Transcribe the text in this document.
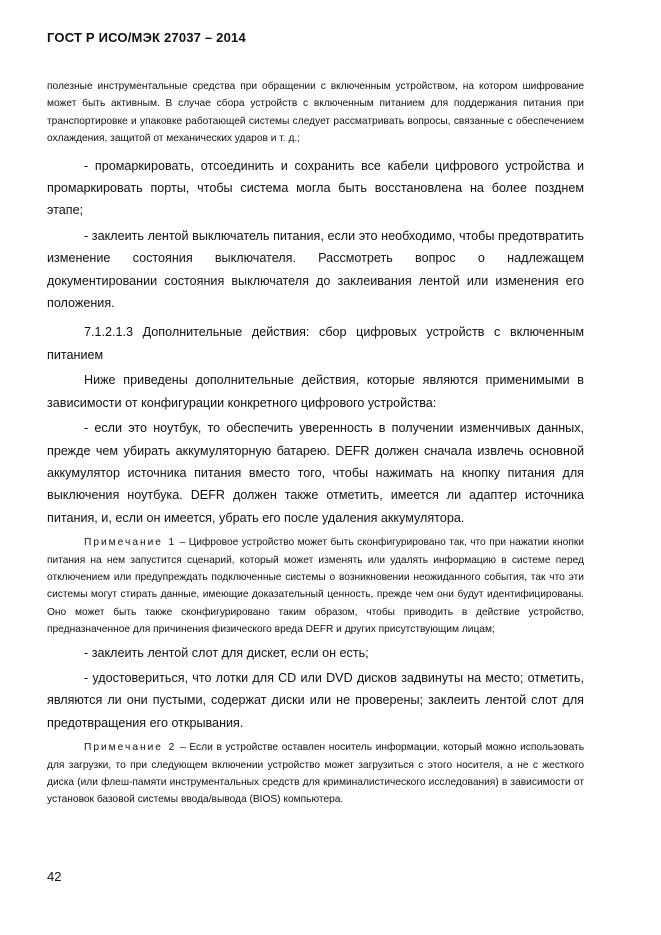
ГОСТ Р ИСО/МЭК 27037 – 2014

полезные инструментальные средства при обращении с включенным устройством, на котором шифрование может быть активным. В случае сбора устройств с включенным питанием для поддержания питания при транспортировке и упаковке работающей системы следует рассматривать вопросы, связанные с обеспечением охлаждения, защитой от механических ударов и т. д.;

- промаркировать, отсоединить и сохранить все кабели цифрового устройства и промаркировать порты, чтобы система могла быть восстановлена на более позднем этапе;

- заклеить лентой выключатель питания, если это необходимо, чтобы предотвратить изменение состояния выключателя. Рассмотреть вопрос о надлежащем документировании состояния выключателя до заклеивания лентой или изменения его положения.

7.1.2.1.3 Дополнительные действия: сбор цифровых устройств с включенным питанием

Ниже приведены дополнительные действия, которые являются применимыми в зависимости от конфигурации конкретного цифрового устройства:

- если это ноутбук, то обеспечить уверенность в получении изменчивых данных, прежде чем убирать аккумуляторную батарею. DEFR должен сначала извлечь основной аккумулятор источника питания вместо того, чтобы нажимать на кнопку питания для выключения ноутбука. DEFR должен также отметить, имеется ли адаптер источника питания, и, если он имеется, убрать его после удаления аккумулятора.

Примечание 1 – Цифровое устройство может быть сконфигурировано так, что при нажатии кнопки питания на нем запустится сценарий, который может изменять или удалять информацию в системе перед отключением или предупреждать подключенные системы о возникновении неожиданного события, так что эти системы могут стирать данные, имеющие доказательный ценность, прежде чем они будут идентифицированы. Оно может быть также сконфигурировано таким образом, чтобы приводить в действие устройство, предназначенное для причинения физического вреда DEFR и других присутствующим лицам;

- заклеить лентой слот для дискет, если он есть;

- удостовериться, что лотки для CD или DVD дисков задвинуты на место; отметить, являются ли они пустыми, содержат диски или не проверены; заклеить лентой слот для предотвращения его открывания.

Примечание 2 – Если в устройстве оставлен носитель информации, который можно использовать для загрузки, то при следующем включении устройство может загрузиться с этого носителя, а не с жесткого диска (или флеш-памяти инструментальных средств для криминалистического исследования) в зависимости от установок базовой системы ввода/вывода (BIOS) компьютера.

42
